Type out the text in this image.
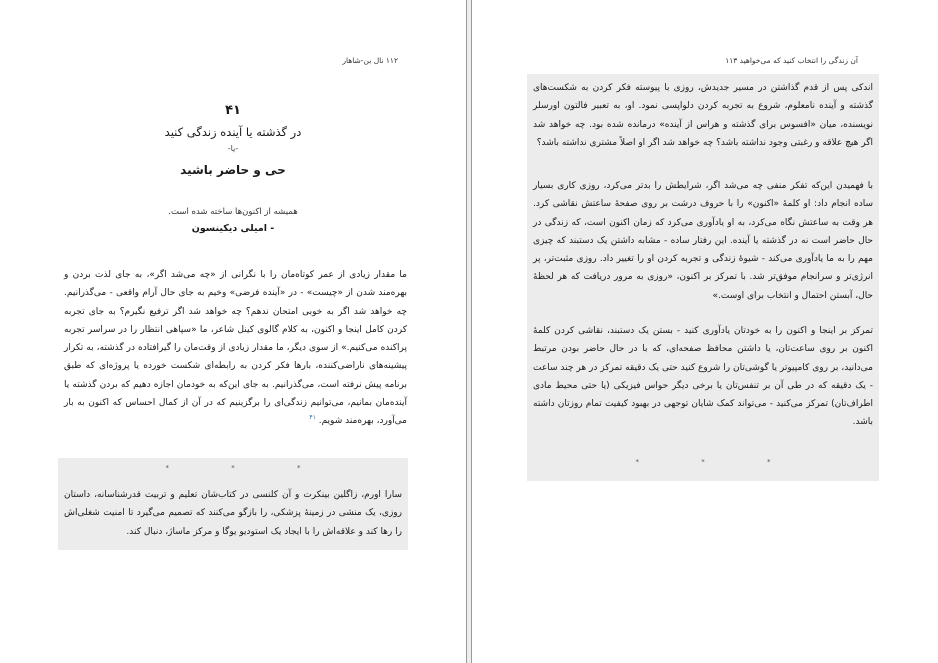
۱۱۲ نال بن-شاهار
۴۱
در گذشته یا آینده زندگی کنید
-یا-
حی و حاضر باشید
همیشه از اکنون‌ها ساخته شده است.
- امیلی دیکینسون

ما مقدار زیادی از عمر کوتاه‌مان را با نگرانی از «چه می‌شد اگر»، به جای لذت بردن و بهره‌مند شدن از «چیست» - در «آینده فرضی» وخیم به جای حال آرام واقعی - می‌گذرانیم. چه خواهد شد اگر به خوبی امتحان ندهم؟ چه خواهد شد اگر ترفیع نگیرم؟ به جای تجربه کردن کامل اینجا و اکنون، به کلام گالوی کینل شاعر، ما «سپاهی انتظار را در سراسر تجربه پراکنده می‌کنیم.» از سوی دیگر، ما مقدار زیادی از وقت‌مان را گیرافتاده در گذشته، به تکرار پیشینه‌های ناراضی‌کننده، بارها فکر کردن به رابطه‌ای شکست خورده یا پروژه‌ای که طبق برنامه پیش نرفته است، می‌گذرانیم. به جای این‌که به خودمان اجازه دهیم که بردن گذشته یا آینده‌مان بمانیم، می‌توانیم زندگی‌ای را برگزینیم که در آن از کمال احساس که اکنون به بار می‌آورد، بهره‌مند شویم. $^{۴۱}$

* * *

سارا اورم، زاگلین بینکرت و آن کلنسی در کتاب‌شان تعلیم و تربیت قدرشناسانه، داستان روزی، یک منشی در زمینهٔ پزشکی، را بازگو می‌کنند که تصمیم می‌گیرد تا امنیت شغلی‌اش را رها کند و علاقه‌اش را با ایجاد یک استودیو یوگا و مرکز ماساژ، دنبال کند.

آن زندگی را انتخاب کنید که می‌خواهید ۱۱۳

اندکی پس از قدم گذاشتن در مسیر جدیدش، روزی با پیوسته فکر کردن به شکست‌های گذشته و آینده نامعلوم، شروع به تجربه کردن دلواپسی نمود. او، به تعبیر فالتون اورسلر نویسنده، میان «افسوس برای گذشته و هراس از آینده» درمانده شده بود. چه خواهد شد اگر هیچ علاقه و رغبتی وجود نداشته باشد؟ چه خواهد شد اگر او اصلاً مشتری نداشته باشد؟

با فهمیدن این‌که تفکر منفی چه می‌شد اگر، شرایطش را بدتر می‌کرد، روزی کاری بسیار ساده انجام داد: او کلمهٔ «اکنون» را با حروف درشت بر روی صفحهٔ ساعتش نقاشی کرد. هر وقت به ساعتش نگاه می‌کرد، به او یادآوری می‌کرد که زمان اکنون است، که زندگی در حال حاضر است نه در گذشته یا آینده. این رفتار ساده - مشابه داشتن یک دستبند که چیزی مهم را به ما یادآوری می‌کند - شیوهٔ زندگی و تجربه کردن او را تغییر داد. روزی مثبت‌تر، پر انرژی‌تر و سرانجام موفق‌تر شد. با تمرکز بر اکنون، «روزی به مرور دریافت که هر لحظهٔ حال، آبستن احتمال و انتخاب برای اوست.»

تمرکز بر اینجا و اکنون را به خودتان یادآوری کنید - بستن یک دستبند، نقاشی کردن کلمهٔ اکنون بر روی ساعت‌تان، یا داشتن محافظ صفحه‌ای، که با در حال حاضر بودن مرتبط می‌دانید، بر روی کامپیوتر یا گوشی‌تان را شروع کنید حتی یک دقیقه تمرکز در هر چند ساعت - یک دقیقه که در طی آن بر تنفس‌تان یا برخی دیگر حواس فیزیکی (یا حتی محیط مادی اطراف‌تان) تمرکز می‌کنید - می‌تواند کمک شایان توجهی در بهبود کیفیت تمام روزتان داشته باشد.

* * *
